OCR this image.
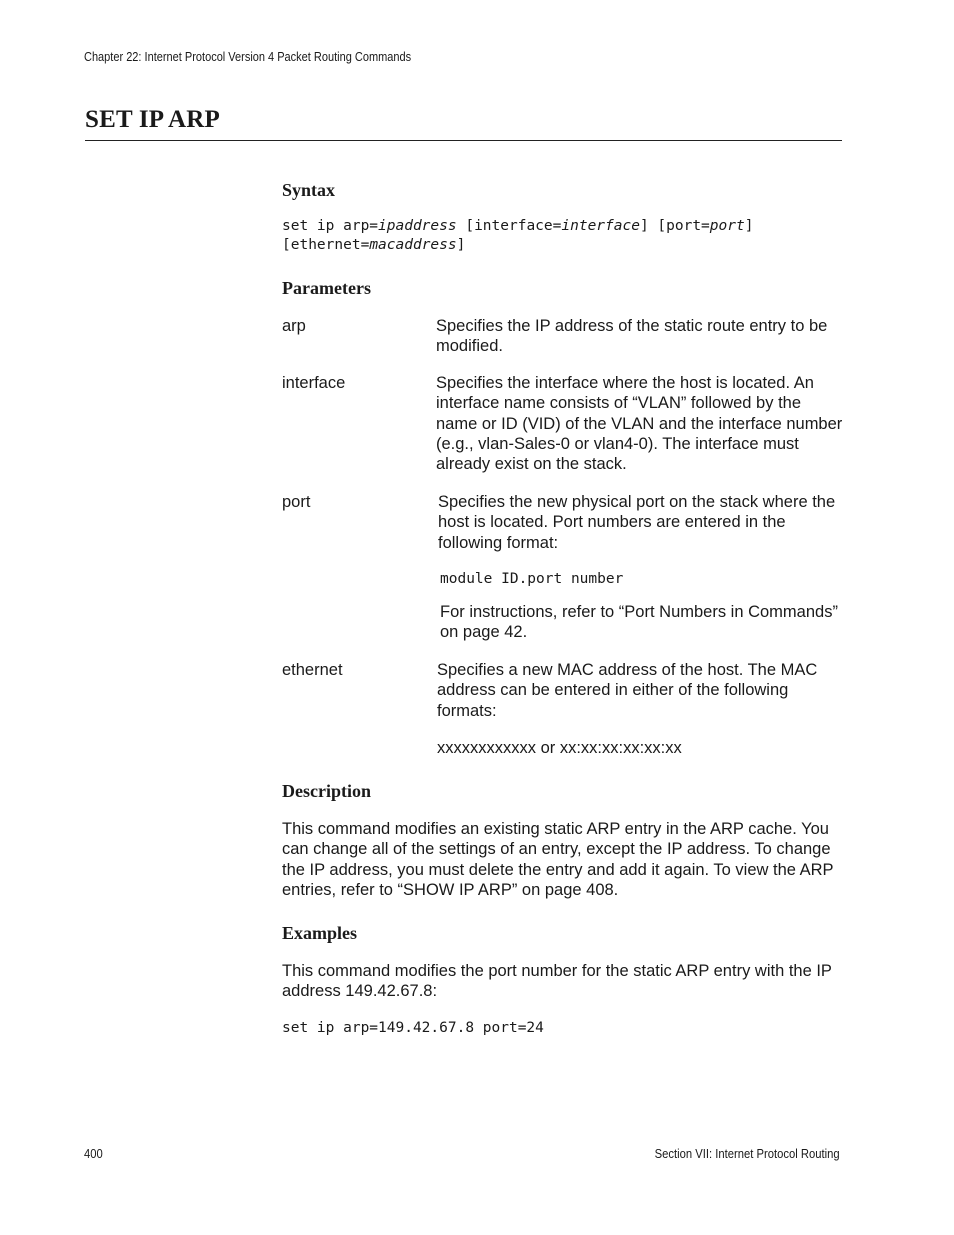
Chapter 22: Internet Protocol Version 4 Packet Routing Commands
SET IP ARP
Syntax
set ip arp=ipaddress [interface=interface] [port=port]
[ethernet=macaddress]
Parameters
arp	Specifies the IP address of the static route entry to be modified.
interface	Specifies the interface where the host is located. An interface name consists of “VLAN” followed by the name or ID (VID) of the VLAN and the interface number (e.g., vlan-Sales-0 or vlan4-0). The interface must already exist on the stack.
port	Specifies the new physical port on the stack where the host is located. Port numbers are entered in the following format:
module ID.port number
For instructions, refer to “Port Numbers in Commands” on page 42.
ethernet	Specifies a new MAC address of the host. The MAC address can be entered in either of the following formats:
xxxxxxxxxxxx or xx:xx:xx:xx:xx:xx
Description
This command modifies an existing static ARP entry in the ARP cache. You can change all of the settings of an entry, except the IP address. To change the IP address, you must delete the entry and add it again. To view the ARP entries, refer to “SHOW IP ARP” on page 408.
Examples
This command modifies the port number for the static ARP entry with the IP address 149.42.67.8:
set ip arp=149.42.67.8 port=24
400	Section VII: Internet Protocol Routing
